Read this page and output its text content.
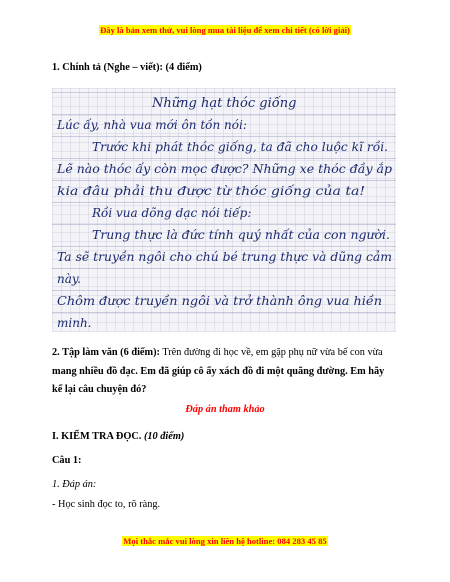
Đây là bản xem thử, vui lòng mua tài liệu để xem chi tiết (có lời giải)
1. Chính tả (Nghe – viết): (4 điểm)
Những hạt thóc giống
Lúc ấy, nhà vua mới ôn tồn nói:
Trước khi phát thóc giống, ta đã cho luộc kĩ rồi.
Lẽ nào thóc ấy còn mọc được? Những xe thóc đầy ắp
kia đâu phải thu được từ thóc giống của ta!
Rồi vua dõng dạc nói tiếp:
Trung thực là đức tính quý nhất của con người.
Ta sẽ truyền ngôi cho chú bé trung thực và dũng cảm
này.
Chôm được truyền ngôi và trở thành ông vua hiền
minh.
2. Tập làm văn (6 điểm): Trên đường đi học về, em gặp phụ nữ vừa bế con vừa
mang nhiều đồ đạc. Em đã giúp cô ấy xách đồ đi một quãng đường. Em hãy
kể lại câu chuyện đó?
Đáp án tham khảo
I. KIỂM TRA ĐỌC. (10 điểm)
Câu 1:
1. Đáp án:
- Học sinh đọc to, rõ ràng.
Mọi thắc mắc vui lòng xin liên hệ hotline: 084 283 45 85
